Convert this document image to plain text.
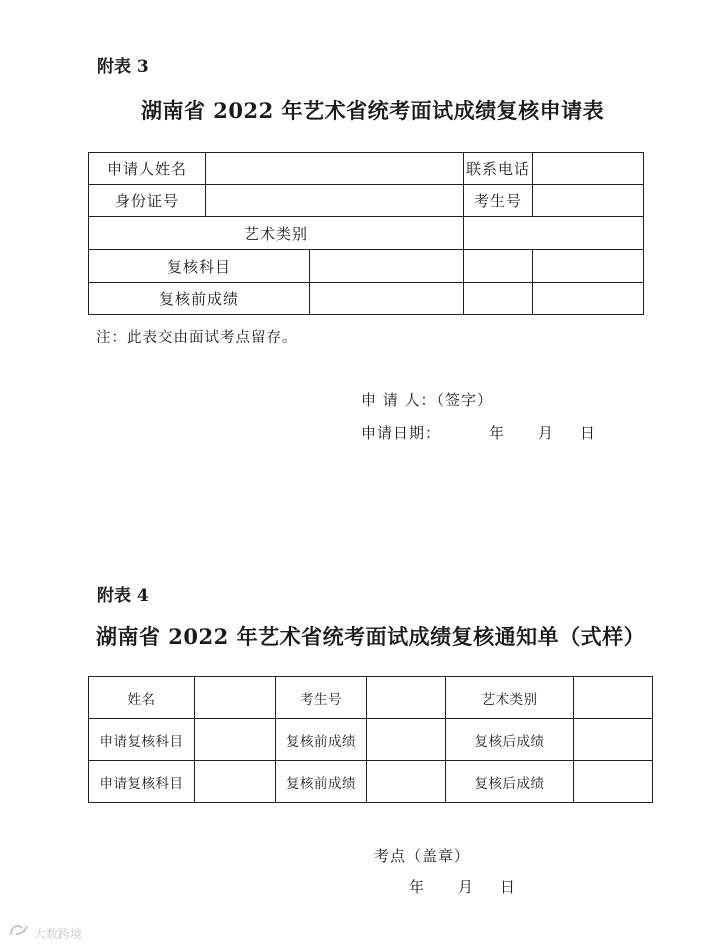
附表 3
湖南省 2022 年艺术省统考面试成绩复核申请表
申请人姓名			联系电话	
身份证号			考生号	
艺术类别				
复核科目				
复核前成绩				
注：此表交由面试考点留存。
申 请 人：（签字）
申请日期：	年 月 日
附表 4
湖南省 2022 年艺术省统考面试成绩复核通知单（式样）
姓名		考生号		艺术类别	
申请复核科目		复核前成绩		复核后成绩	
申请复核科目		复核前成绩		复核后成绩	
考点（盖章）
年 月 日
大数跨境
